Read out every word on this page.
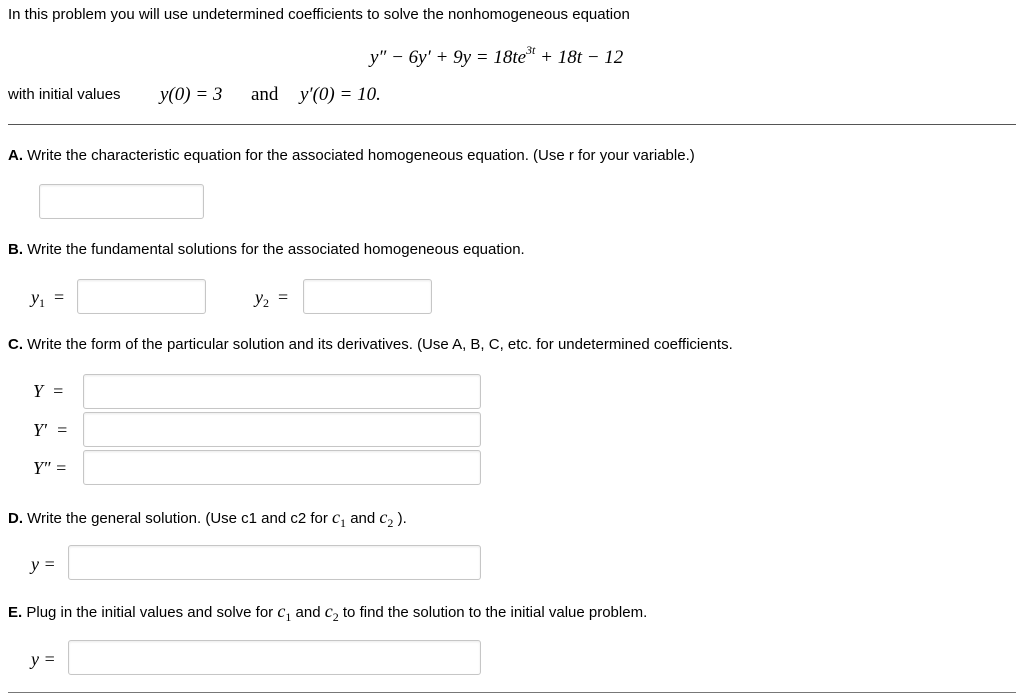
In this problem you will use undetermined coefficients to solve the nonhomogeneous equation
$y'' - 6y' + 9y = 18te^{3t} + 18t - 12$
with initial values y(0) = 3 and y′(0) = 10.
A. Write the characteristic equation for the associated homogeneous equation. (Use r for your variable.)
B. Write the fundamental solutions for the associated homogeneous equation.
$y_1$ =	$y_2$ =
C. Write the form of the particular solution and its derivatives. (Use A, B, C, etc. for undetermined coefficients.
Y  =
Y′  =
Y″ =
D. Write the general solution. (Use c1 and c2 for $c_1$ and $c_2$ ).
y =
E. Plug in the initial values and solve for $c_1$ and $c_2$ to find the solution to the initial value problem.
y =
